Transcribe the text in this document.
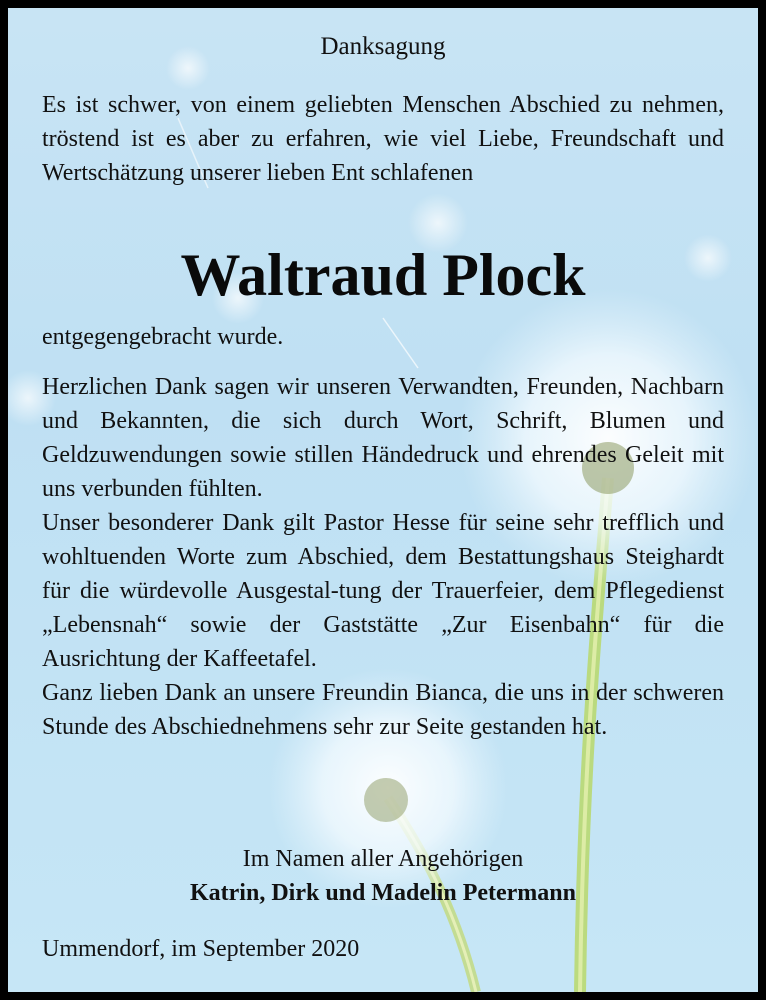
Danksagung

Es ist schwer, von einem geliebten Menschen Abschied zu nehmen, tröstend ist es aber zu erfahren, wie viel Liebe, Freundschaft und Wertschätzung unserer lieben Ent schlafenen

Waltraud Plock

entgegengebracht wurde.

Herzlichen Dank sagen wir unseren Verwandten, Freunden, Nachbarn und Bekannten, die sich durch Wort, Schrift, Blumen und Geldzuwendungen sowie stillen Händedruck und ehrendes Geleit mit uns verbunden fühlten.

Unser besonderer Dank gilt Pastor Hesse für seine sehr trefflich und wohltuenden Worte zum Abschied, dem Bestattungshaus Steighardt für die würdevolle Ausgestal-tung der Trauerfeier, dem Pflegedienst „Lebensnah“ sowie der Gaststätte „Zur Eisenbahn“ für die Ausrichtung der Kaffeetafel.

Ganz lieben Dank an unsere Freundin Bianca, die uns in der schweren Stunde des Abschiednehmens sehr zur Seite gestanden hat.

Im Namen aller Angehörigen
Katrin, Dirk und Madelin Petermann
Ummendorf, im September 2020
